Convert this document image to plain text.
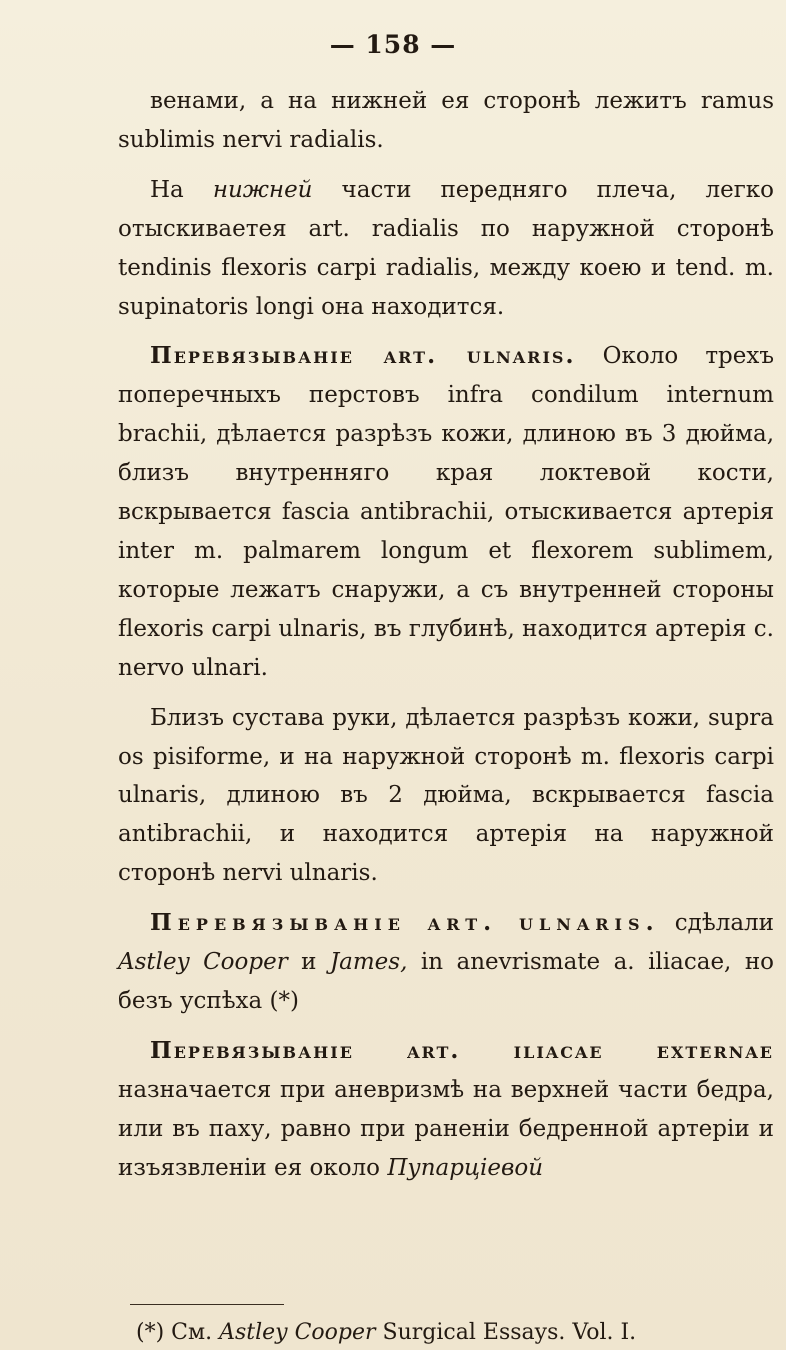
— 158 —

венами, а на нижней ея сторонѣ лежитъ ramus sublimis nervi radialis.

На нижней части передняго плеча, легко отыскиваетея art. radialis по наружной сторонѣ tendinis flexoris carpi radialis, между коею и tend. m. supinatoris longi она находится.

Перевязываніе art. ulnaris. Около трехъ поперечныхъ перстовъ infra condilum internum brachii, дѣлается разрѣзъ кожи, длиною въ 3 дюйма, близъ внутренняго края локтевой кости, вскрывается fascia antibrachii, отыскивается артерія inter m. palmarem longum et flexorem sublimem, которые лежатъ снаружи, а съ внутренней стороны flexoris carpi ulnaris, въ глубинѣ, находится артерія c. nervo ulnari.

Близъ сустава руки, дѣлается разрѣзъ кожи, supra os pisiforme, и на наружной сторонѣ m. flexoris carpi ulnaris, длиною въ 2 дюйма, вскрывается fascia antibrachii, и находится артерія на наружной сторонѣ nervi ulnaris.

Перевязываніе art. ulnaris. сдѣлали Astley Cooper и James, in anevrismate a. iliacae, но безъ успѣха (*)

Перевязываніе art. iliacae externae назначается при аневризмѣ на верхней части бедра, или въ паху, равно при раненіи бедренной артеріи и изъязвленіи ея около Пупарціевой

(*) См. Astley Cooper Surgical Essays. Vol. I.
